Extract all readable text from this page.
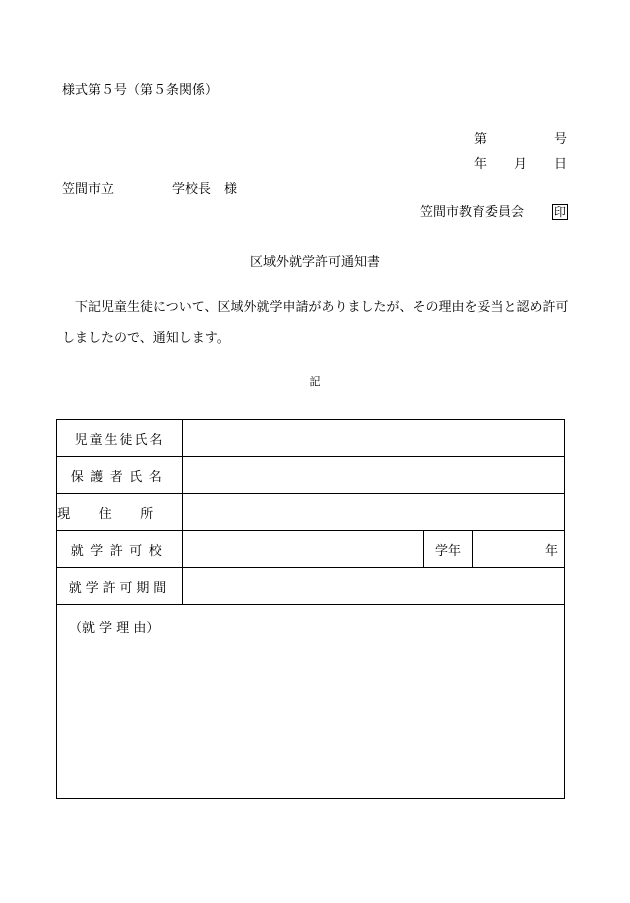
様式第５号（第５条関係）
第	号
年 月 日
笠間市立	学校長　様
笠間市教育委員会 印
区域外就学許可通知書
　下記児童生徒について、区域外就学申請がありましたが、その理由を妥当と認め許可しましたので、通知します。
記
児童生徒氏名			
保護者氏名			
現住所			
就学許可校		学年	年
就学許可期間			
（就 学 理 由）			
